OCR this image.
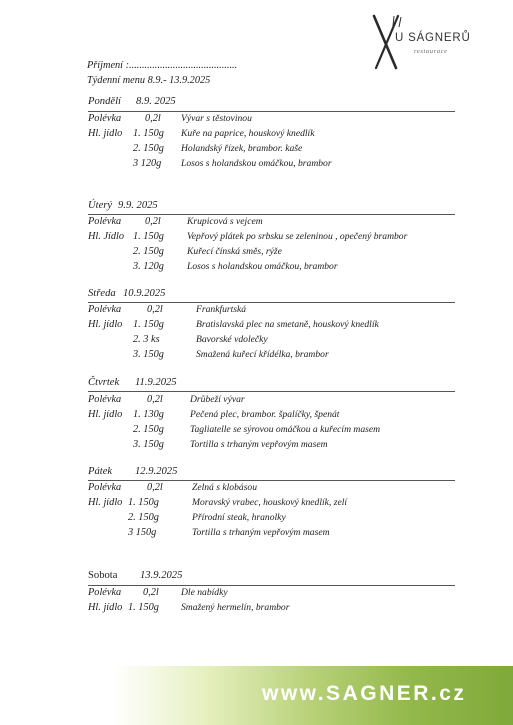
U SÁGNERŮ
restaurace
Příjmení :..........................................
Týdenní menu 8.9.- 13.9.2025
Pondělí 8.9. 2025
Polévka 0,2l Vývar s těstovinou
Hl. jídlo 1. 150g Kuře na paprice, houskový knedlík
2. 150g Holandský řízek, brambor. kaše
3 120g Losos s holandskou omáčkou, brambor
Úterý 9.9. 2025
Polévka 0,2l	Krupicová s vejcem
Hl. Jídlo 1. 150g Vepřový plátek po srbsku se zeleninou , opečený brambor
2. 150g Kuřecí čínská směs, rýže
3. 120g Losos s holandskou omáčkou, brambor
Středa 10.9.2025
Polévka	0,2l	Frankfurtská
Hl. jídlo 1. 150g	Bratislavská plec na smetaně, houskový knedlík
2. 3 ks	Bavorské vdolečky
3. 150g	Smažená kuřecí křídélka, brambor
Čtvrtek 11.9.2025
Polévka	0,2l	Drůbeží vývar
Hl. jídlo 1. 130g	Pečená plec, brambor. špalíčky, špenát
2. 150g	Tagliatelle se sýrovou omáčkou a kuřecím masem
3. 150g	Tortilla s trhaným vepřovým masem
Pátek 12.9.2025
Polévka	0,2l	Zelná s klobásou
Hl. jídlo 1. 150g	Moravský vrabec, houskový knedlík, zelí
2. 150g	Přírodní steak, hranolky
3 150g	Tortilla s trhaným vepřovým masem
Sobota 13.9.2025
Polévka 0,2l Dle nabídky
Hl. jídlo 1. 150g Smažený hermelín, brambor
www.SAGNER.cz
